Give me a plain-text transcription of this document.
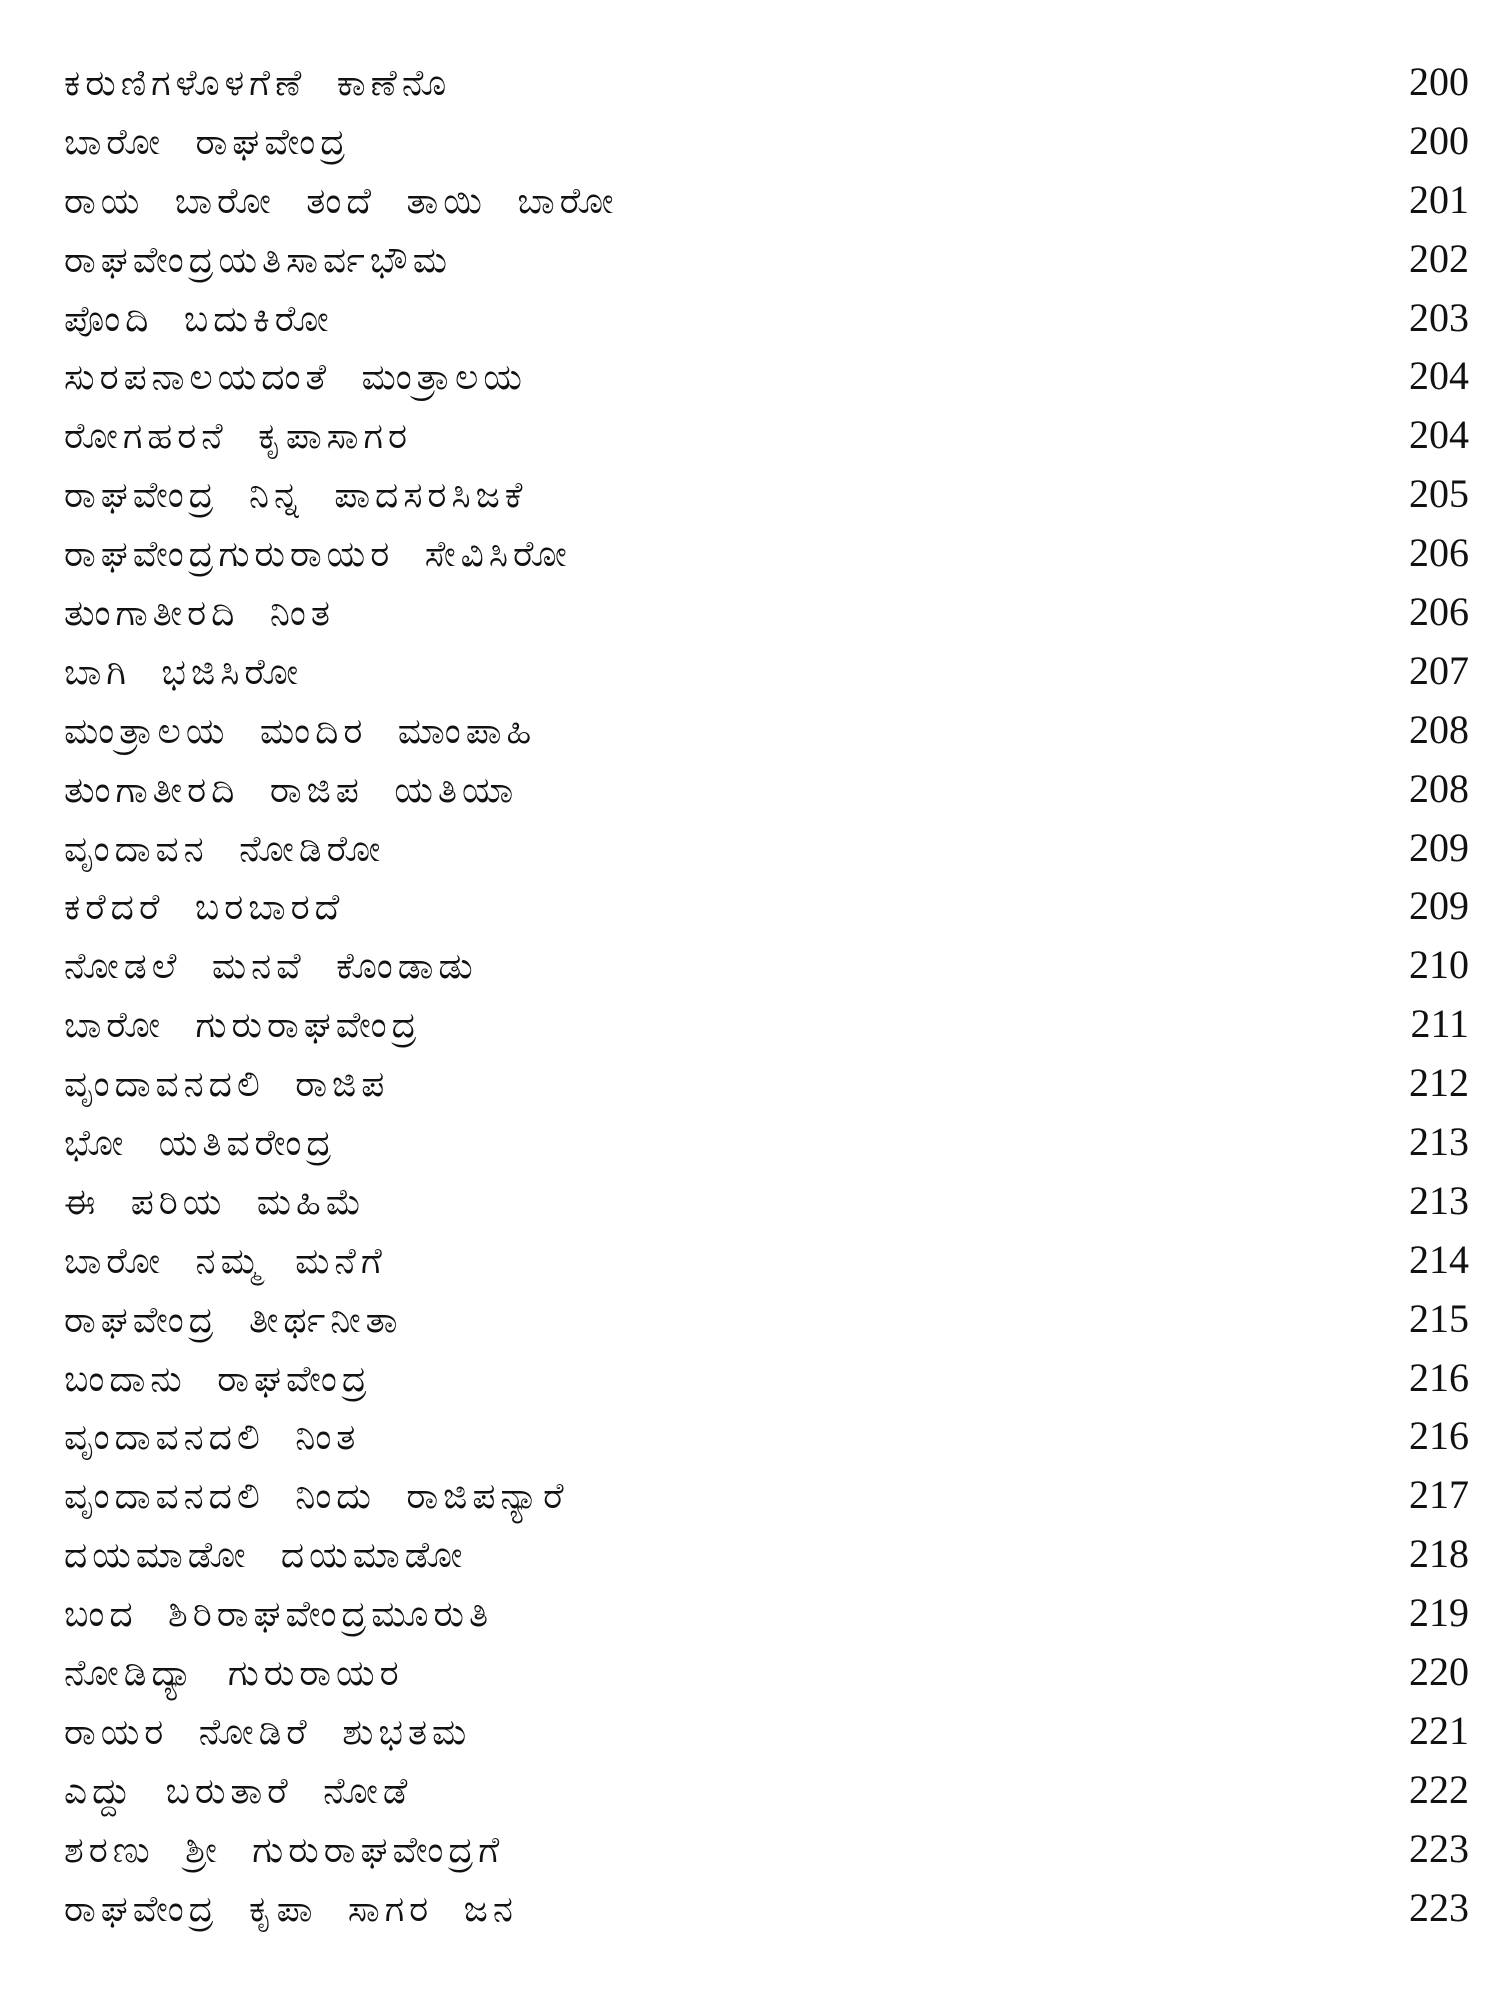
ಕರುಣಿಗಳೊಳಗೆಣೆ ಕಾಣೆನೊ	200
ಬಾರೋ ರಾಘವೇಂದ್ರ	200
ರಾಯ ಬಾರೋ ತಂದೆ ತಾಯಿ ಬಾರೋ	201
ರಾಘವೇಂದ್ರಯತಿಸಾರ್ವಭೌಮ	202
ಪೊಂದಿ ಬದುಕಿರೋ	203
ಸುರಪನಾಲಯದಂತೆ ಮಂತ್ರಾಲಯ	204
ರೋಗಹರನೆ ಕೃಪಾಸಾಗರ	204
ರಾಘವೇಂದ್ರ ನಿನ್ನ ಪಾದಸರಸಿಜಕೆ	205
ರಾಘವೇಂದ್ರಗುರುರಾಯರ ಸೇವಿಸಿರೋ	206
ತುಂಗಾತೀರದಿ ನಿಂತ	206
ಬಾಗಿ ಭಜಿಸಿರೋ	207
ಮಂತ್ರಾಲಯ ಮಂದಿರ ಮಾಂಪಾಹಿ	208
ತುಂಗಾತೀರದಿ ರಾಜಿಪ ಯತಿಯಾ	208
ವೃಂದಾವನ ನೋಡಿರೋ	209
ಕರೆದರೆ ಬರಬಾರದೆ	209
ನೋಡಲೆ ಮನವೆ ಕೊಂಡಾಡು	210
ಬಾರೋ ಗುರುರಾಘವೇಂದ್ರ	211
ವೃಂದಾವನದಲಿ ರಾಜಿಪ	212
ಭೋ ಯತಿವರೇಂದ್ರ	213
ಈ ಪರಿಯ ಮಹಿಮೆ	213
ಬಾರೋ ನಮ್ಮ ಮನೆಗೆ	214
ರಾಘವೇಂದ್ರ ತೀರ್ಥನೀತಾ	215
ಬಂದಾನು ರಾಘವೇಂದ್ರ	216
ವೃಂದಾವನದಲಿ ನಿಂತ	216
ವೃಂದಾವನದಲಿ ನಿಂದು ರಾಜಿಪನ್ಯಾರೆ	217
ದಯಮಾಡೋ ದಯಮಾಡೋ	218
ಬಂದ ಶಿರಿರಾಘವೇಂದ್ರಮೂರುತಿ	219
ನೋಡಿದ್ಯಾ ಗುರುರಾಯರ	220
ರಾಯರ ನೋಡಿರೆ ಶುಭತಮ	221
ಎದ್ದು ಬರುತಾರೆ ನೋಡೆ	222
ಶರಣು ಶ್ರೀ ಗುರುರಾಘವೇಂದ್ರಗೆ	223
ರಾಘವೇಂದ್ರ ಕೃಪಾ ಸಾಗರ ಜನ	223
